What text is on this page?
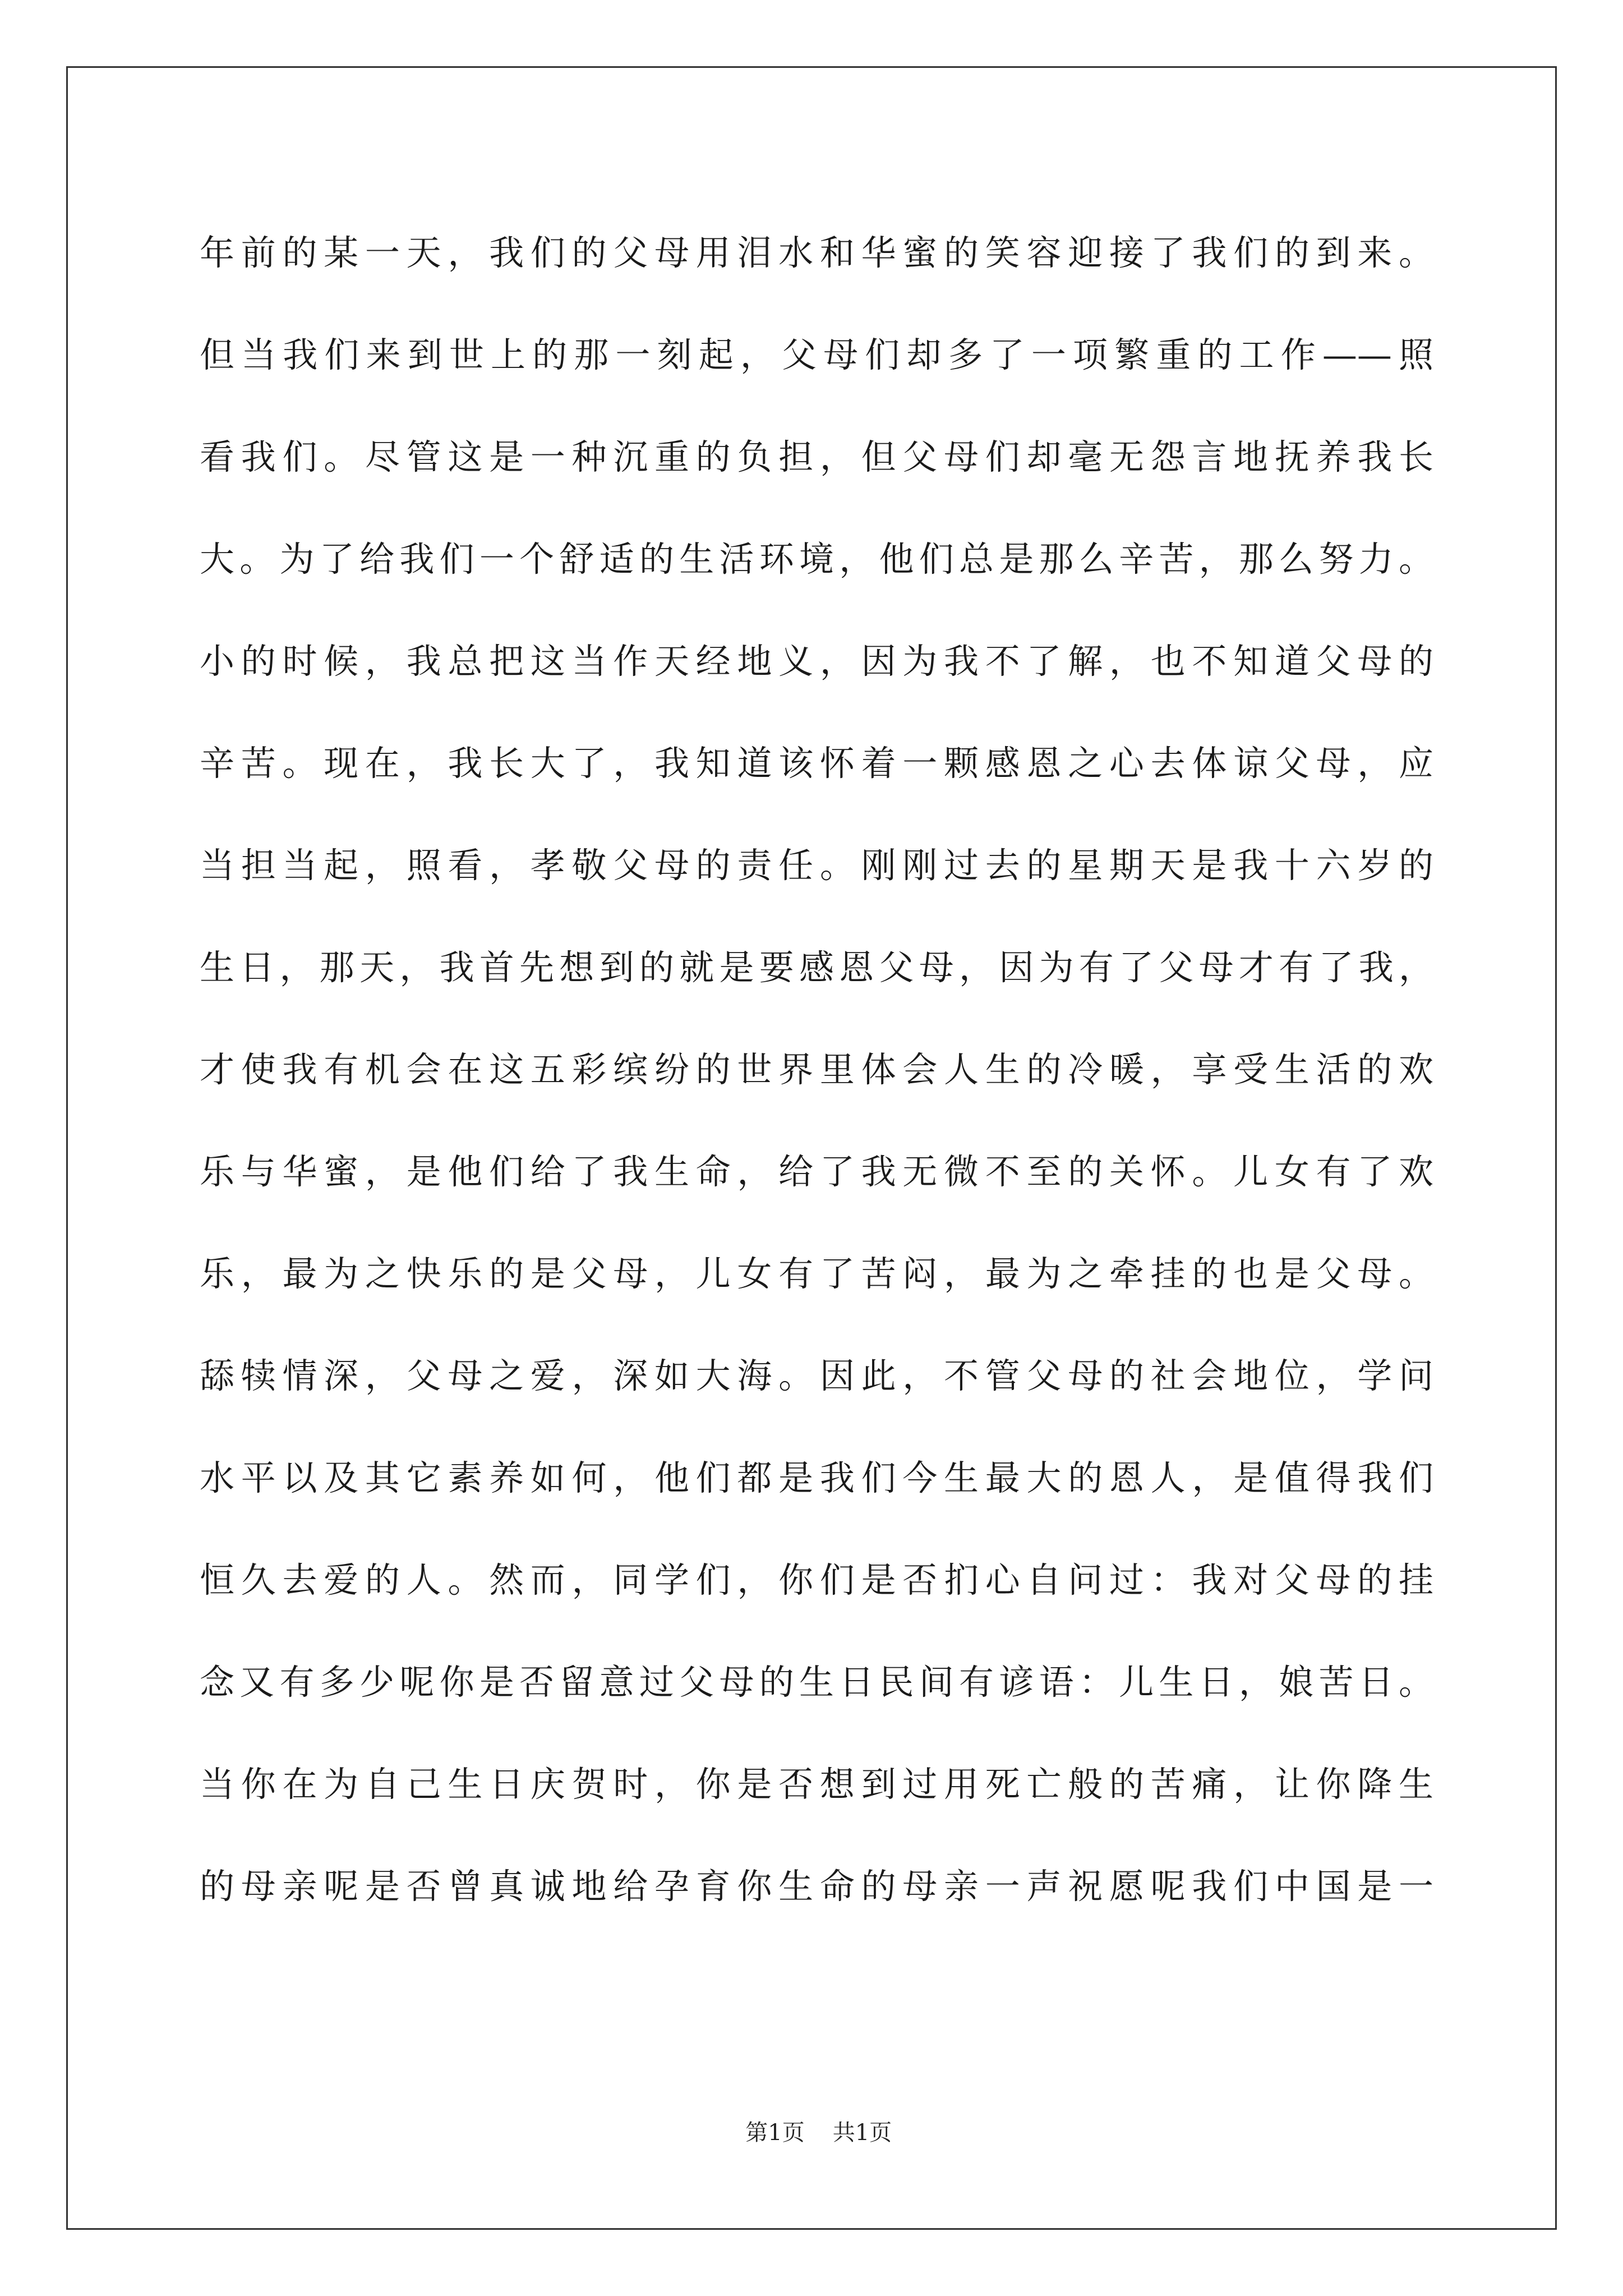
年前的某一天，我们的父母用泪水和华蜜的笑容迎接了我们的到来。
但当我们来到世上的那一刻起，父母们却多了一项繁重的工作——照
看我们。尽管这是一种沉重的负担，但父母们却毫无怨言地抚养我长
大。为了给我们一个舒适的生活环境，他们总是那么辛苦，那么努力。
小的时候，我总把这当作天经地义，因为我不了解，也不知道父母的
辛苦。现在，我长大了，我知道该怀着一颗感恩之心去体谅父母，应
当担当起，照看，孝敬父母的责任。刚刚过去的星期天是我十六岁的
生日，那天，我首先想到的就是要感恩父母，因为有了父母才有了我，
才使我有机会在这五彩缤纷的世界里体会人生的冷暖，享受生活的欢
乐与华蜜，是他们给了我生命，给了我无微不至的关怀。儿女有了欢
乐，最为之快乐的是父母，儿女有了苦闷，最为之牵挂的也是父母。
舔犊情深，父母之爱，深如大海。因此，不管父母的社会地位，学问
水平以及其它素养如何，他们都是我们今生最大的恩人，是值得我们
恒久去爱的人。然而，同学们，你们是否扪心自问过：我对父母的挂
念又有多少呢你是否留意过父母的生日民间有谚语：儿生日，娘苦日。
当你在为自己生日庆贺时，你是否想到过用死亡般的苦痛，让你降生
的母亲呢是否曾真诚地给孕育你生命的母亲一声祝愿呢我们中国是一

第1页 共1页
